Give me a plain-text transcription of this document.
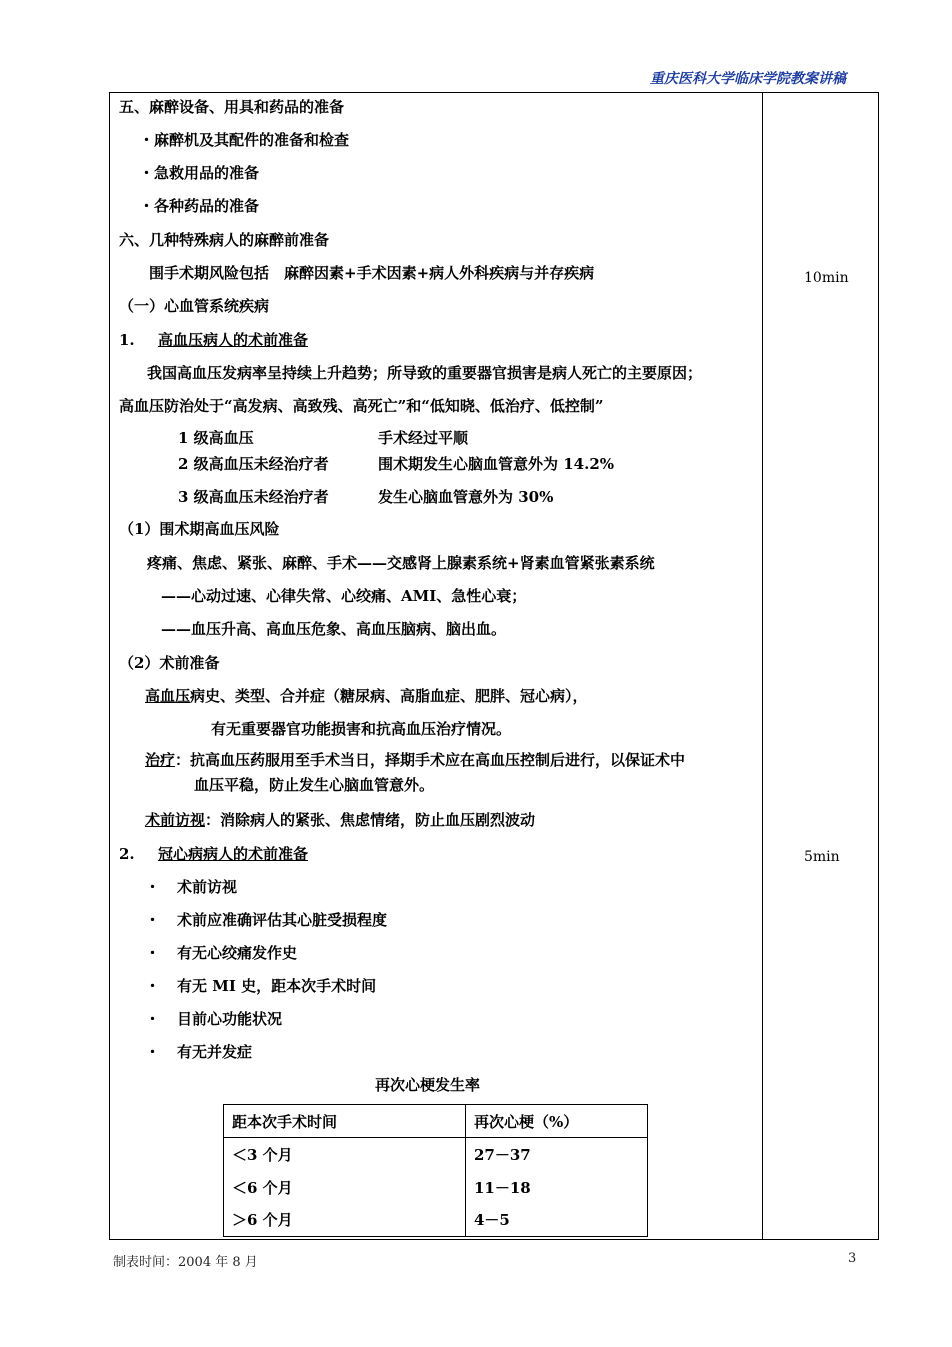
重庆医科大学临床学院教案讲稿
五、麻醉设备、用具和药品的准备
・麻醉机及其配件的准备和检查
・急救用品的准备
・各种药品的准备
六、几种特殊病人的麻醉前准备
围手术期风险包括　麻醉因素+手术因素+病人外科疾病与并存疾病	10min
（一）心血管系统疾病
1. 高血压病人的术前准备
我国高血压发病率呈持续上升趋势；所导致的重要器官损害是病人死亡的主要原因；
高血压防治处于“高发病、高致残、高死亡”和“低知晓、低治疗、低控制”
1 级高血压	手术经过平顺
2 级高血压未经治疗者	围术期发生心脑血管意外为 14.2%
3 级高血压未经治疗者	发生心脑血管意外为 30%
（1）围术期高血压风险
疼痛、焦虑、紧张、麻醉、手术——交感肾上腺素系统+肾素血管紧张素系统
——心动过速、心律失常、心绞痛、AMI、急性心衰；
——血压升高、高血压危象、高血压脑病、脑出血。
（2）术前准备
高血压病史、类型、合并症（糖尿病、高脂血症、肥胖、冠心病），
有无重要器官功能损害和抗高血压治疗情况。
治疗：抗高血压药服用至手术当日，择期手术应在高血压控制后进行，以保证术中
血压平稳，防止发生心脑血管意外。
术前访视：消除病人的紧张、焦虑情绪，防止血压剧烈波动
2. 冠心病病人的术前准备	5min
・ 术前访视
・ 术前应准确评估其心脏受损程度
・ 有无心绞痛发作史
・ 有无 MI 史，距本次手术时间
・ 目前心功能状况
・ 有无并发症
再次心梗发生率
距本次手术时间	再次心梗（%）
＜3 个月	27－37
＜6 个月	11－18
＞6 个月	4－5
制表时间：2004 年 8 月	3
